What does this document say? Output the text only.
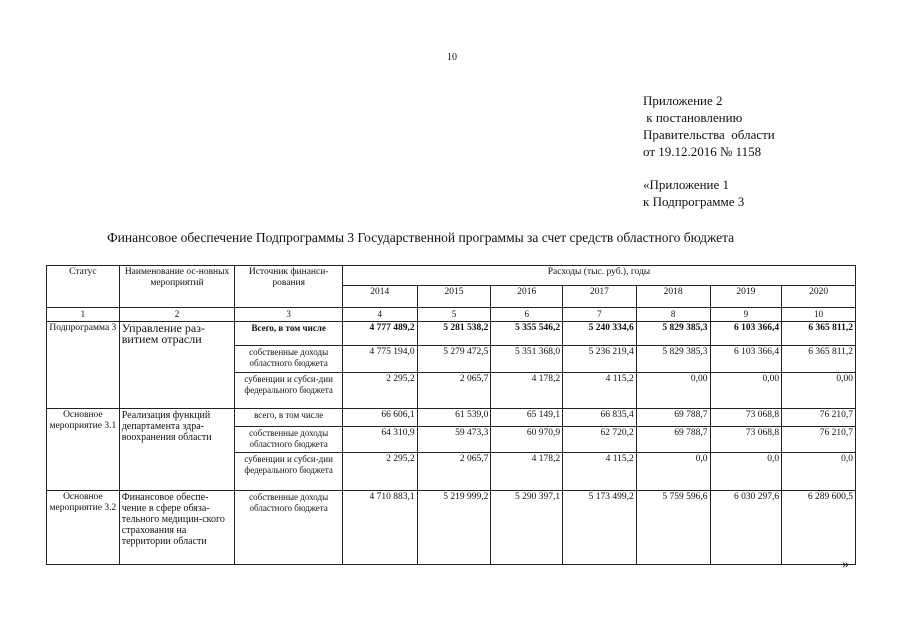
10
Приложение 2
к постановлению
Правительства  области
от 19.12.2016 № 1158
«Приложение 1
к Подпрограмме 3
Финансовое обеспечение Подпрограммы 3 Государственной программы за счет средств областного бюджета
Статус	Наименование ос-новных мероприятий	Источник финанси-рования	Расходы (тыс. руб.), годы						
			2014	2015	2016	2017	2018	2019	2020
1	2	3	4	5	6	7	8	9	10
Подпрограмма 3	Управление раз-витием отрасли	Всего, в том числе	4 777 489,2	5 281 538,2	5 355 546,2	5 240 334,6	5 829 385,3	6 103 366,4	6 365 811,2
		собственные доходы областного бюджета	4 775 194,0	5 279 472,5	5 351 368,0	5 236 219,4	5 829 385,3	6 103 366,4	6 365 811,2
		субвенции и субси-дии федерального бюджета	2 295,2	2 065,7	4 178,2	4 115,2	0,00	0,00	0,00
Основное мероприятие 3.1	Реализация функций департамента здра-воохранения области	всего, в том числе	66 606,1	61 539,0	65 149,1	66 835,4	69 788,7	73 068,8	76 210,7
		собственные доходы областного бюджета	64 310,9	59 473,3	60 970,9	62 720,2	69 788,7	73 068,8	76 210,7
		субвенции и субси-дии федерального бюджета	2 295,2	2 065,7	4 178,2	4 115,2	0,0	0,0	0,0
Основное мероприятие 3.2	Финансовое обеспе-чение в сфере обяза-тельного медицин-ского страхования на территории области	собственные доходы областного бюджета	4 710 883,1	5 219 999,2	5 290 397,1	5 173 499,2	5 759 596,6	6 030 297,6	6 289 600,5
»
